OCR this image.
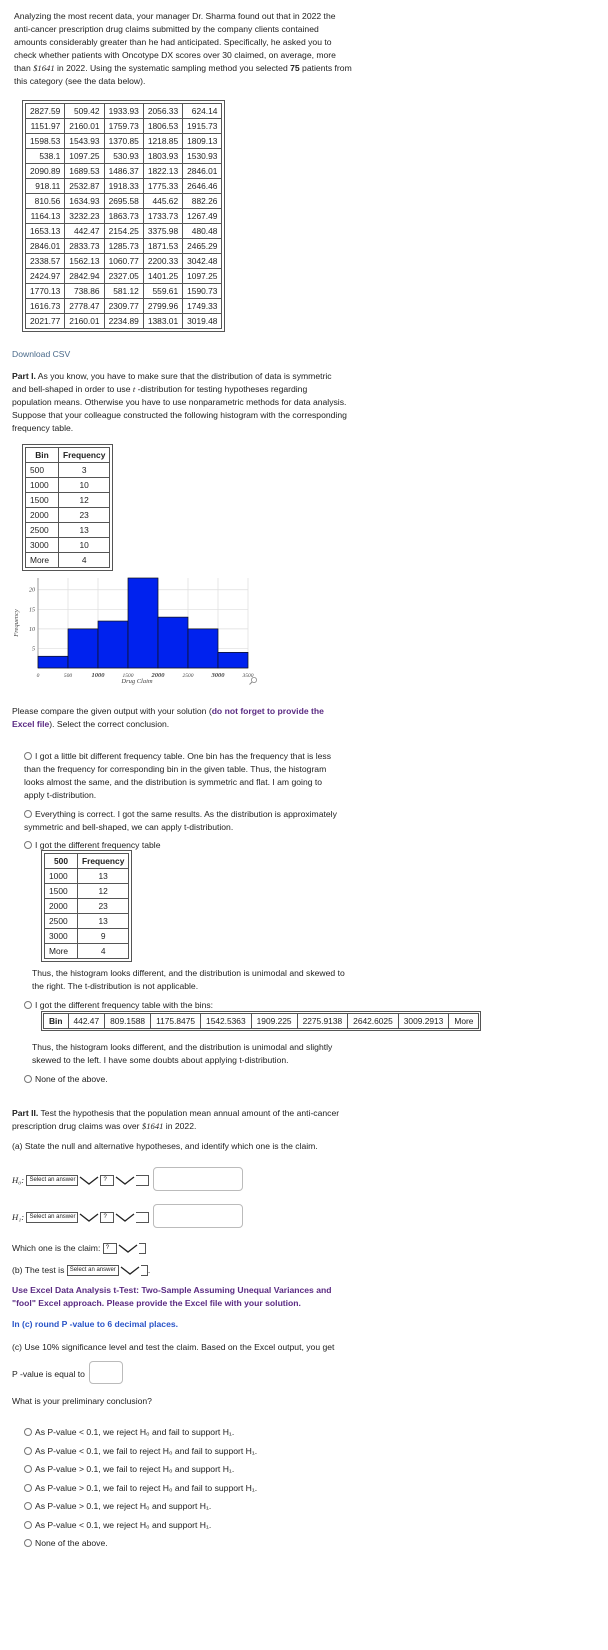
Analyzing the most recent data, your manager Dr. Sharma found out that in 2022 the anti-cancer prescription drug claims submitted by the company clients contained amounts considerably greater than he had anticipated. Specifically, he asked you to check whether patients with Oncotype DX scores over 30 claimed, on average, more than $1641 in 2022. Using the systematic sampling method you selected 75 patients from this category (see the data below).

2827.59	509.42	1933.93	2056.33	624.14
1151.97	2160.01	1759.73	1806.53	1915.73
1598.53	1543.93	1370.85	1218.85	1809.13
538.1	1097.25	530.93	1803.93	1530.93
2090.89	1689.53	1486.37	1822.13	2846.01
918.11	2532.87	1918.33	1775.33	2646.46
810.56	1634.93	2695.58	445.62	882.26
1164.13	3232.23	1863.73	1733.73	1267.49
1653.13	442.47	2154.25	3375.98	480.48
2846.01	2833.73	1285.73	1871.53	2465.29
2338.57	1562.13	1060.77	2200.33	3042.48
2424.97	2842.94	2327.05	1401.25	1097.25
1770.13	738.86	581.12	559.61	1590.73
1616.73	2778.47	2309.77	2799.96	1749.33
2021.77	2160.01	2234.89	1383.01	3019.48
Download CSV

Part I. As you know, you have to make sure that the distribution of data is symmetric and bell-shaped in order to use t -distribution for testing hypotheses regarding population means. Otherwise you have to use nonparametric methods for data analysis. Suppose that your colleague constructed the following histogram with the corresponding frequency table.

Bin	Frequency
500	3
1000	10
1500	12
2000	23
2500	13
3000	10
More	4
5
10
15
20
0	500	1000	1500	2000	2500	3000	3500
Drug Claim
Frequency

Please compare the given output with your solution (do not forget to provide the Excel file). Select the correct conclusion.

I got a little bit different frequency table. One bin has the frequency that is less than the frequency for corresponding bin in the given table. Thus, the histogram looks almost the same, and the distribution is symmetric and flat. I am going to apply t-distribution.

Everything is correct. I got the same results. As the distribution is approximately symmetric and bell-shaped, we can apply t-distribution.

I got the different frequency table

500	Frequency
1000	13
1500	12
2000	23
2500	13
3000	9
More	4

Thus, the histogram looks different, and the distribution is unimodal and skewed to the right. The t-distribution is not applicable.

I got the different frequency table with the bins:

Bin	442.47	809.1588	1175.8475	1542.5363	1909.225	2275.9138	2642.6025	3009.2913	More

Thus, the histogram looks different, and the distribution is unimodal and slightly skewed to the left. I have some doubts about applying t-distribution.

None of the above.

Part II. Test the hypothesis that the population mean annual amount of the anti-cancer prescription drug claims was over $1641 in 2022.

(a) State the null and alternative hypotheses, and identify which one is the claim.

H₀: Select an answer	?
H₁: Select an answer	?
Which one is the claim: ?
(b) The test is Select an answer	.

Use Excel Data Analysis t-Test: Two-Sample Assuming Unequal Variances and "fool" Excel approach. Please provide the Excel file with your solution.

In (c) round P -value to 6 decimal places.

(c) Use 10% significance level and test the claim. Based on the Excel output, you get

P -value is equal to

What is your preliminary conclusion?

As P-value < 0.1, we reject H₀ and fail to support H₁.
As P-value < 0.1, we fail to reject H₀ and fail to support H₁.
As P-value > 0.1, we fail to reject H₀ and support H₁.
As P-value > 0.1, we fail to reject H₀ and fail to support H₁.
As P-value > 0.1, we reject H₀ and support H₁.
As P-value < 0.1, we reject H₀ and support H₁.
None of the above.
